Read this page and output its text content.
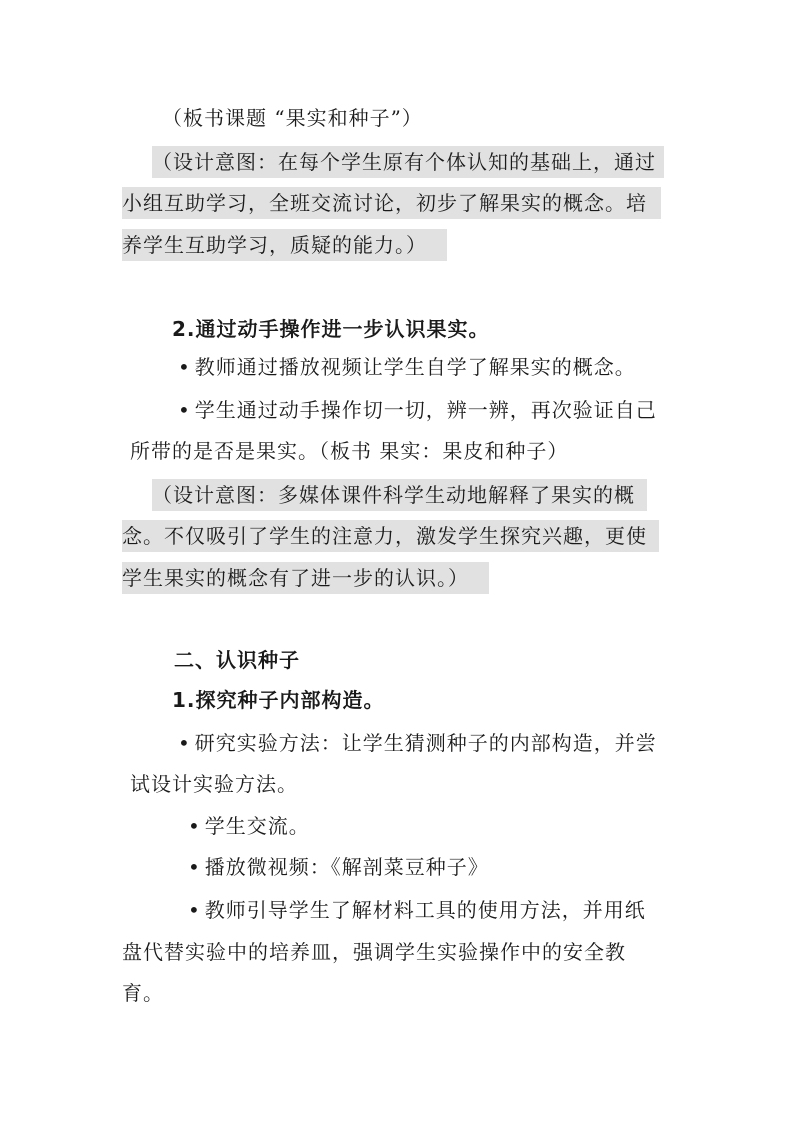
（板书课题 “果实和种子”）
（设计意图：在每个学生原有个体认知的基础上，通过
小组互助学习，全班交流讨论，初步了解果实的概念。培
养学生互助学习，质疑的能力。）
2.通过动手操作进一步认识果实。
• 教师通过播放视频让学生自学了解果实的概念。
• 学生通过动手操作切一切，辨一辨，再次验证自己
所带的是否是果实。（板书 果实：果皮和种子）
（设计意图：多媒体课件科学生动地解释了果实的概
念。不仅吸引了学生的注意力，激发学生探究兴趣，更使
学生果实的概念有了进一步的认识。）
二、认识种子
1.探究种子内部构造。
• 研究实验方法：让学生猜测种子的内部构造，并尝
试设计实验方法。
• 学生交流。
• 播放微视频：《解剖菜豆种子》
• 教师引导学生了解材料工具的使用方法，并用纸
盘代替实验中的培养皿，强调学生实验操作中的安全教
育。
